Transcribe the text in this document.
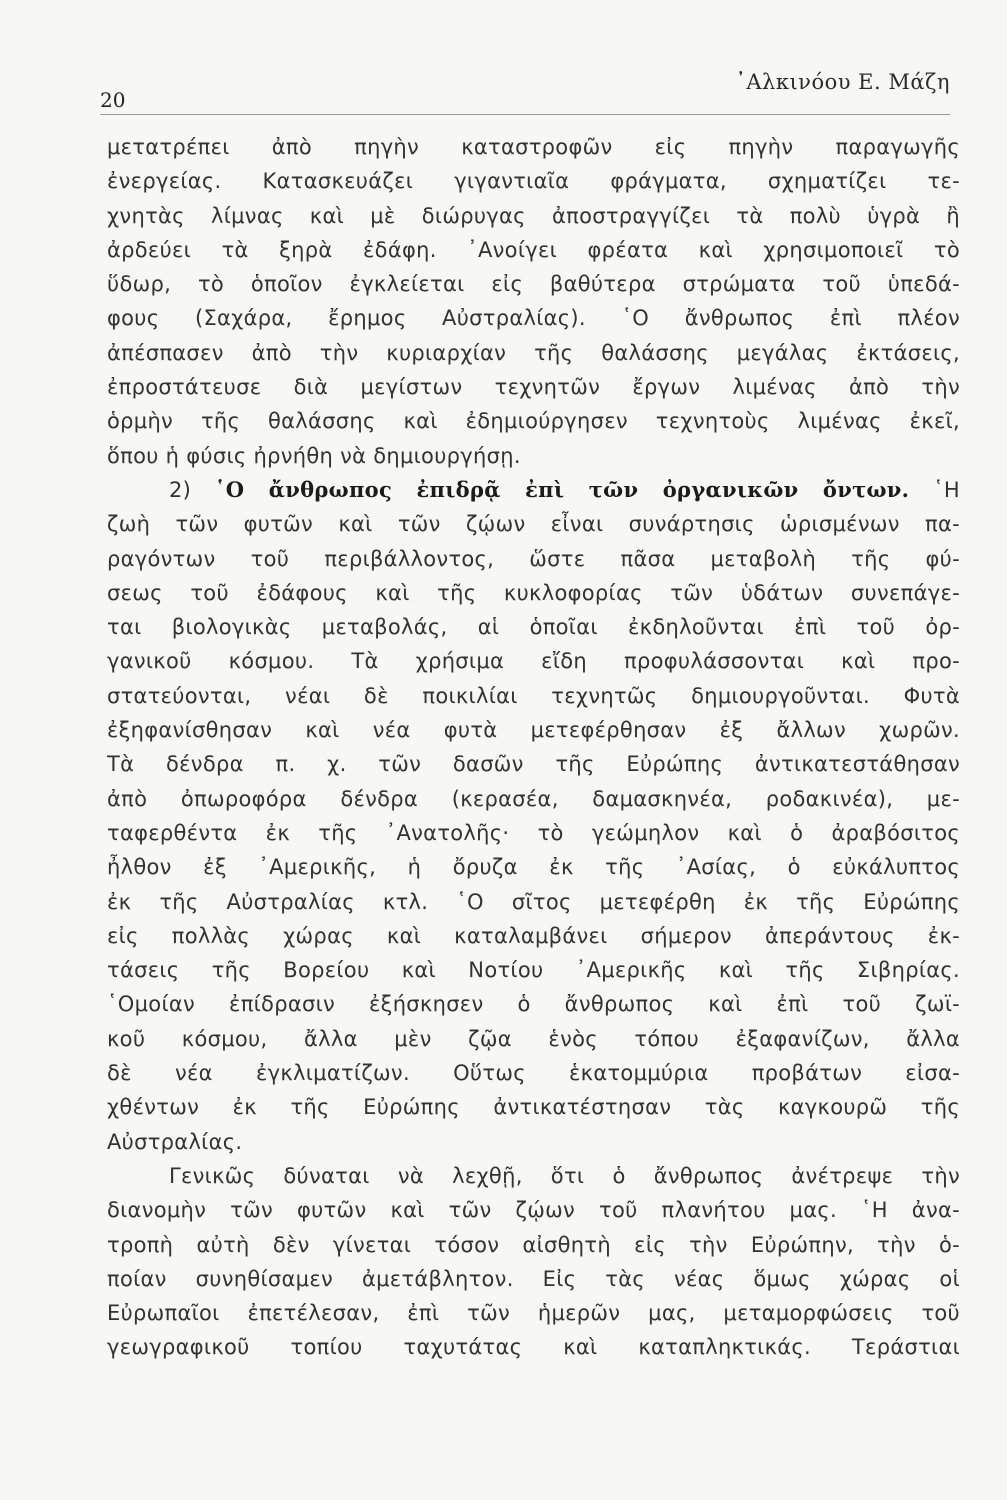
20
᾿Αλκινόου Ε. Μάζη
μετατρέπει ἀπὸ πηγὴν καταστροφῶν εἰς πηγὴν παραγωγῆς
ἐνεργείας. Κατασκευάζει γιγαντιαῖα φράγματα, σχηματίζει τε-
χνητὰς λίμνας καὶ μὲ διώρυγας ἀποστραγγίζει τὰ πολὺ ὑγρὰ ἢ
ἀρδεύει τὰ ξηρὰ ἐδάφη. ᾿Ανοίγει φρέατα καὶ χρησιμοποιεῖ τὸ
ὕδωρ, τὸ ὁποῖον ἐγκλείεται εἰς βαθύτερα στρώματα τοῦ ὑπεδά-
φους (Σαχάρα, ἔρημος Αὐστραλίας). ῾Ο ἄνθρωπος ἐπὶ πλέον
ἀπέσπασεν ἀπὸ τὴν κυριαρχίαν τῆς θαλάσσης μεγάλας ἐκτάσεις,
ἐπροστάτευσε διὰ μεγίστων τεχνητῶν ἔργων λιμένας ἀπὸ τὴν
ὁρμὴν τῆς θαλάσσης καὶ ἐδημιούργησεν τεχνητοὺς λιμένας ἐκεῖ,
ὅπου ἡ φύσις ἠρνήθη νὰ δημιουργήσῃ.
2) ῾Ο ἄνθρωπος ἐπιδρᾷ ἐπὶ τῶν ὀργανικῶν ὄντων. ῾Η
ζωὴ τῶν φυτῶν καὶ τῶν ζῴων εἶναι συνάρτησις ὡρισμένων πα-
ραγόντων τοῦ περιβάλλοντος, ὥστε πᾶσα μεταβολὴ τῆς φύ-
σεως τοῦ ἐδάφους καὶ τῆς κυκλοφορίας τῶν ὑδάτων συνεπάγε-
ται βιολογικὰς μεταβολάς, αἱ ὁποῖαι ἐκδηλοῦνται ἐπὶ τοῦ ὀρ-
γανικοῦ κόσμου. Τὰ χρήσιμα εἴδη προφυλάσσονται καὶ προ-
στατεύονται, νέαι δὲ ποικιλίαι τεχνητῶς δημιουργοῦνται. Φυτὰ
ἐξηφανίσθησαν καὶ νέα φυτὰ μετεφέρθησαν ἐξ ἄλλων χωρῶν.
Τὰ δένδρα π. χ. τῶν δασῶν τῆς Εὐρώπης ἀντικατεστάθησαν
ἀπὸ ὀπωροφόρα δένδρα (κερασέα, δαμασκηνέα, ροδακινέα), με-
ταφερθέντα ἐκ τῆς ᾿Ανατολῆς· τὸ γεώμηλον καὶ ὁ ἀραβόσιτος
ἦλθον ἐξ ᾿Αμερικῆς, ἡ ὄρυζα ἐκ τῆς ᾿Ασίας, ὁ εὐκάλυπτος
ἐκ τῆς Αὐστραλίας κτλ. ῾Ο σῖτος μετεφέρθη ἐκ τῆς Εὐρώπης
εἰς πολλὰς χώρας καὶ καταλαμβάνει σήμερον ἀπεράντους ἐκ-
τάσεις τῆς Βορείου καὶ Νοτίου ᾿Αμερικῆς καὶ τῆς Σιβηρίας.
῾Ομοίαν ἐπίδρασιν ἐξήσκησεν ὁ ἄνθρωπος καὶ ἐπὶ τοῦ ζωϊ-
κοῦ κόσμου, ἄλλα μὲν ζῷα ἑνὸς τόπου ἐξαφανίζων, ἄλλα
δὲ νέα ἐγκλιματίζων. Οὕτως ἑκατομμύρια προβάτων εἰσα-
χθέντων ἐκ τῆς Εὐρώπης ἀντικατέστησαν τὰς καγκουρῶ τῆς
Αὐστραλίας.
Γενικῶς δύναται νὰ λεχθῇ, ὅτι ὁ ἄνθρωπος ἀνέτρεψε τὴν
διανομὴν τῶν φυτῶν καὶ τῶν ζῴων τοῦ πλανήτου μας. ῾Η ἀνα-
τροπὴ αὐτὴ δὲν γίνεται τόσον αἰσθητὴ εἰς τὴν Εὐρώπην, τὴν ὁ-
ποίαν συνηθίσαμεν ἀμετάβλητον. Εἰς τὰς νέας ὅμως χώρας οἱ
Εὐρωπαῖοι ἐπετέλεσαν, ἐπὶ τῶν ἡμερῶν μας, μεταμορφώσεις τοῦ
γεωγραφικοῦ τοπίου ταχυτάτας καὶ καταπληκτικάς. Τεράστιαι
